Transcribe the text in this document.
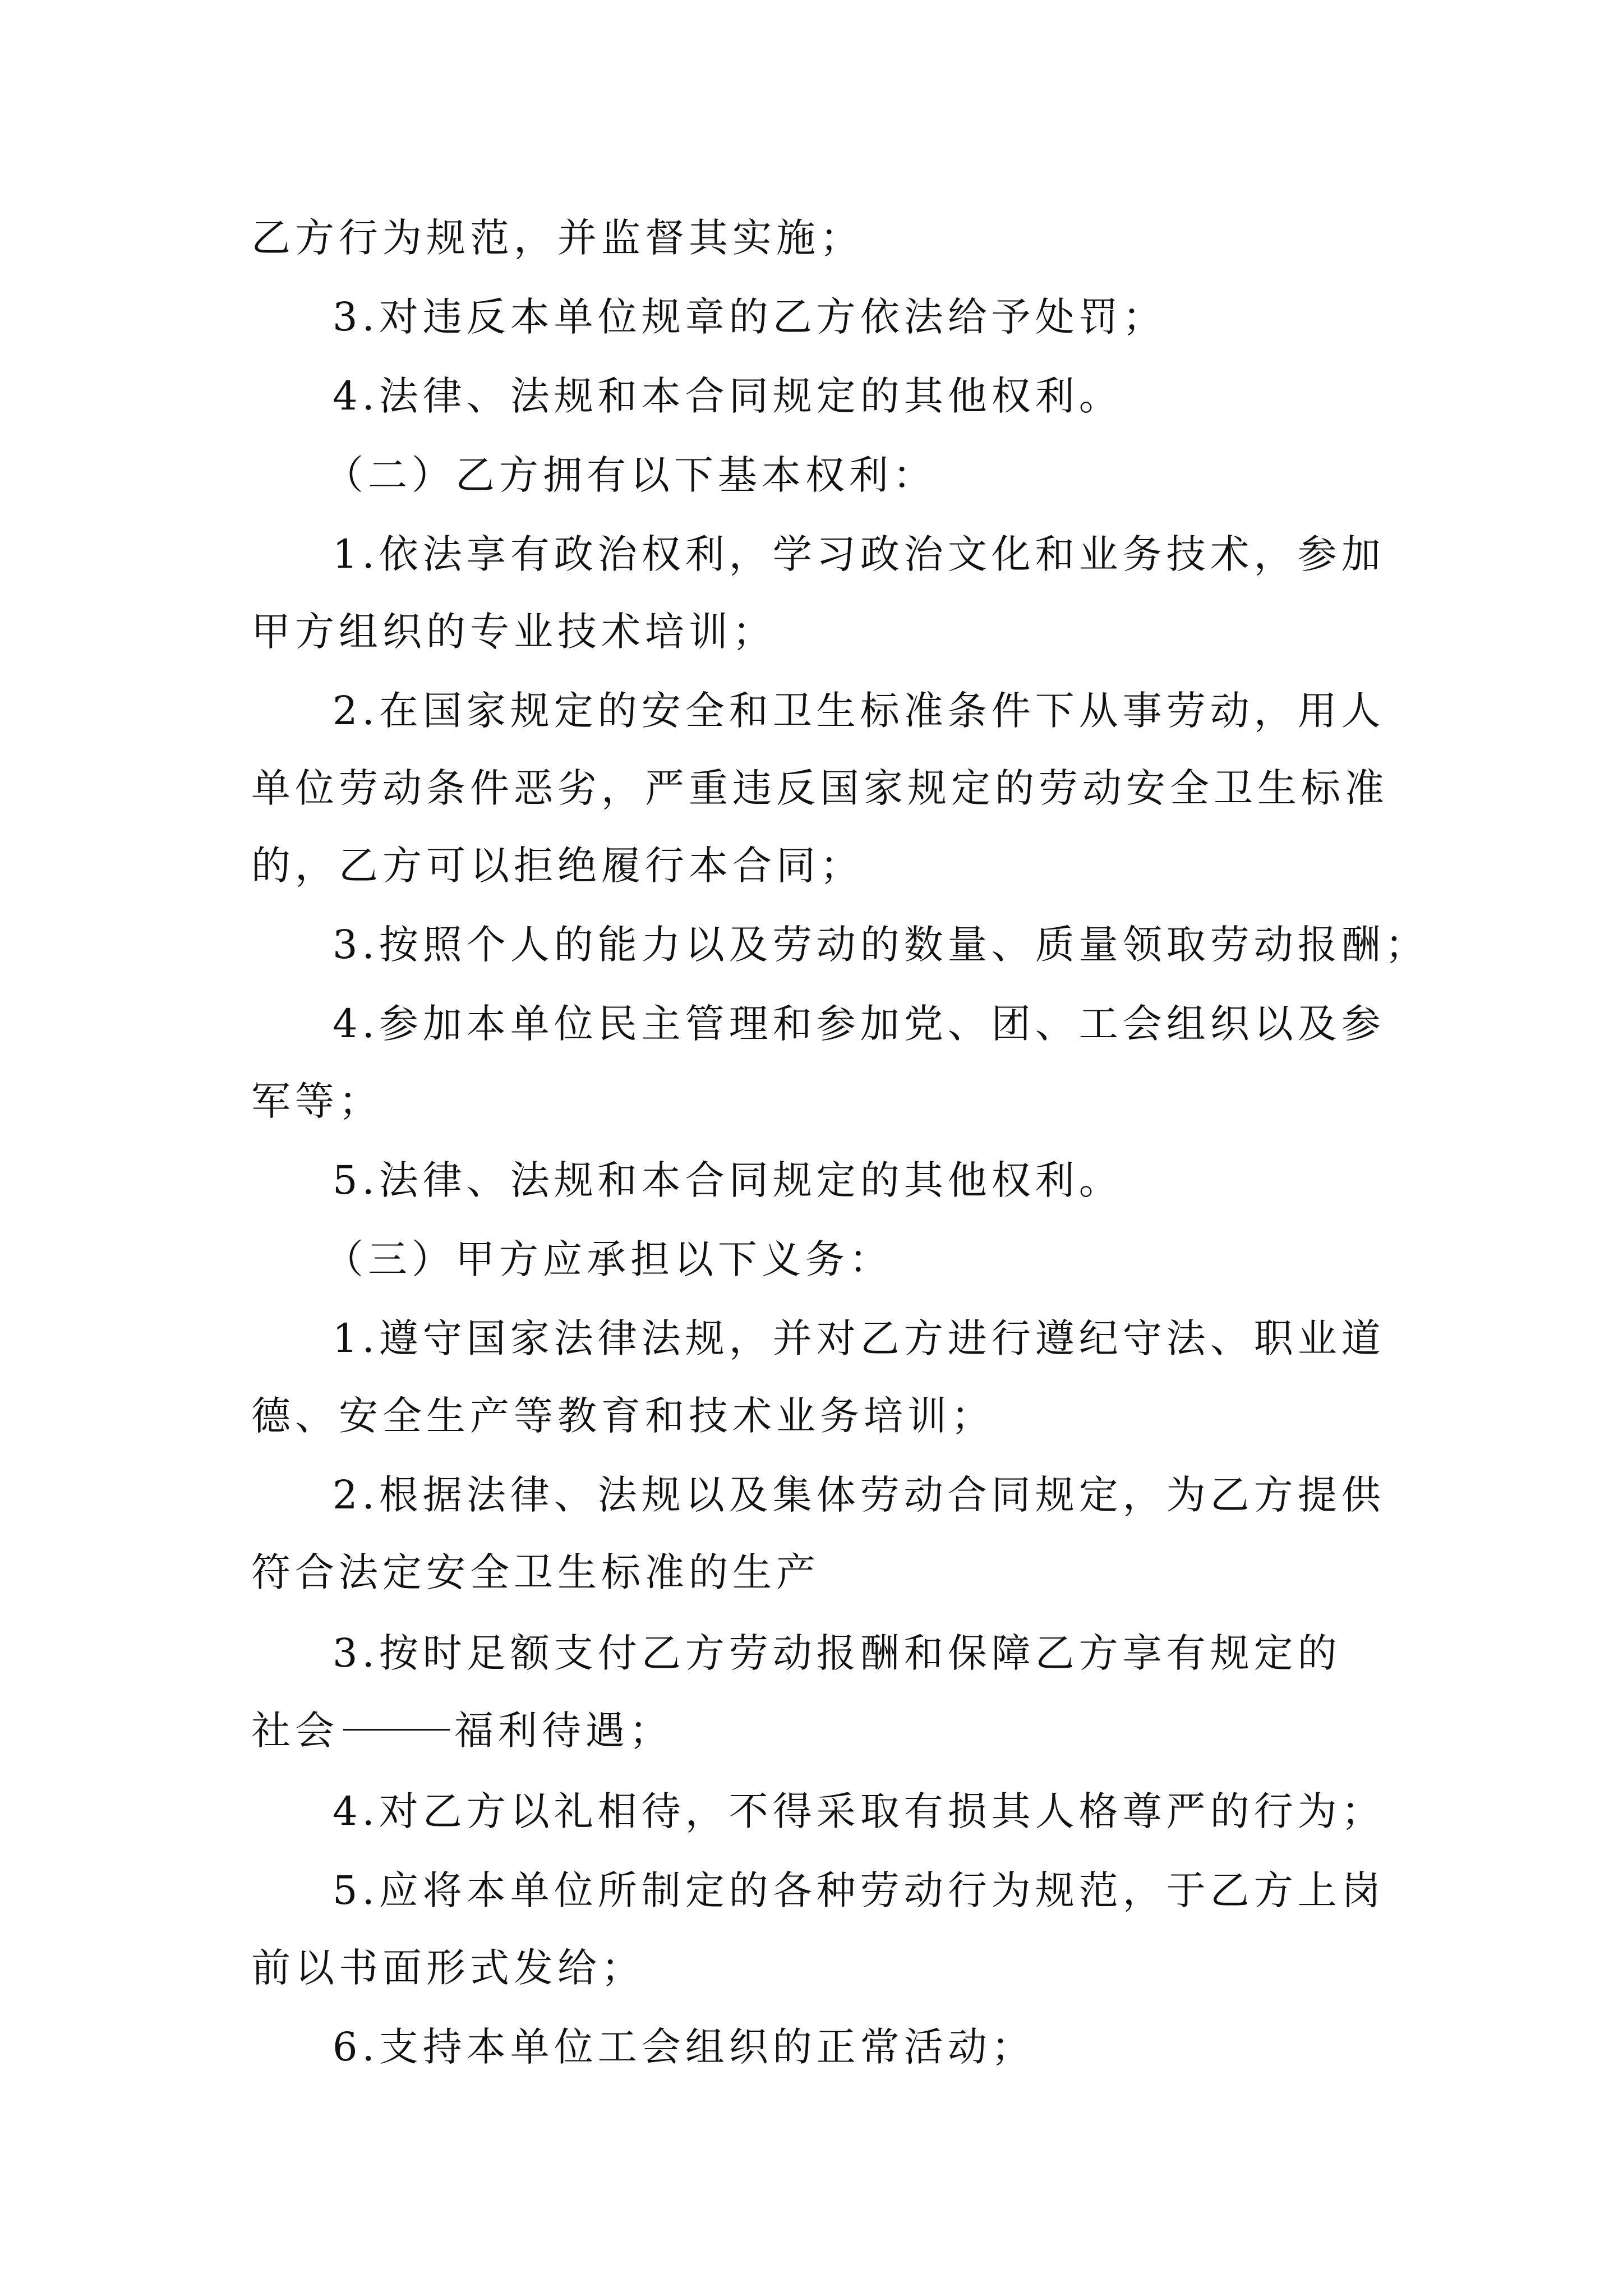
乙方行为规范，并监督其实施；
3.对违反本单位规章的乙方依法给予处罚；
4.法律、法规和本合同规定的其他权利。
（二）乙方拥有以下基本权利：
1.依法享有政治权利，学习政治文化和业务技术，参加
甲方组织的专业技术培训；
2.在国家规定的安全和卫生标准条件下从事劳动，用人
单位劳动条件恶劣，严重违反国家规定的劳动安全卫生标准
的，乙方可以拒绝履行本合同；
3.按照个人的能力以及劳动的数量、质量领取劳动报酬；
4.参加本单位民主管理和参加党、团、工会组织以及参
军等；
5.法律、法规和本合同规定的其他权利。
（三）甲方应承担以下义务：
1.遵守国家法律法规，并对乙方进行遵纪守法、职业道
德、安全生产等教育和技术业务培训；
2.根据法律、法规以及集体劳动合同规定，为乙方提供
符合法定安全卫生标准的生产
3.按时足额支付乙方劳动报酬和保障乙方享有规定的
社会	福利待遇；
4.对乙方以礼相待，不得采取有损其人格尊严的行为；
5.应将本单位所制定的各种劳动行为规范，于乙方上岗
前以书面形式发给；
6.支持本单位工会组织的正常活动；
